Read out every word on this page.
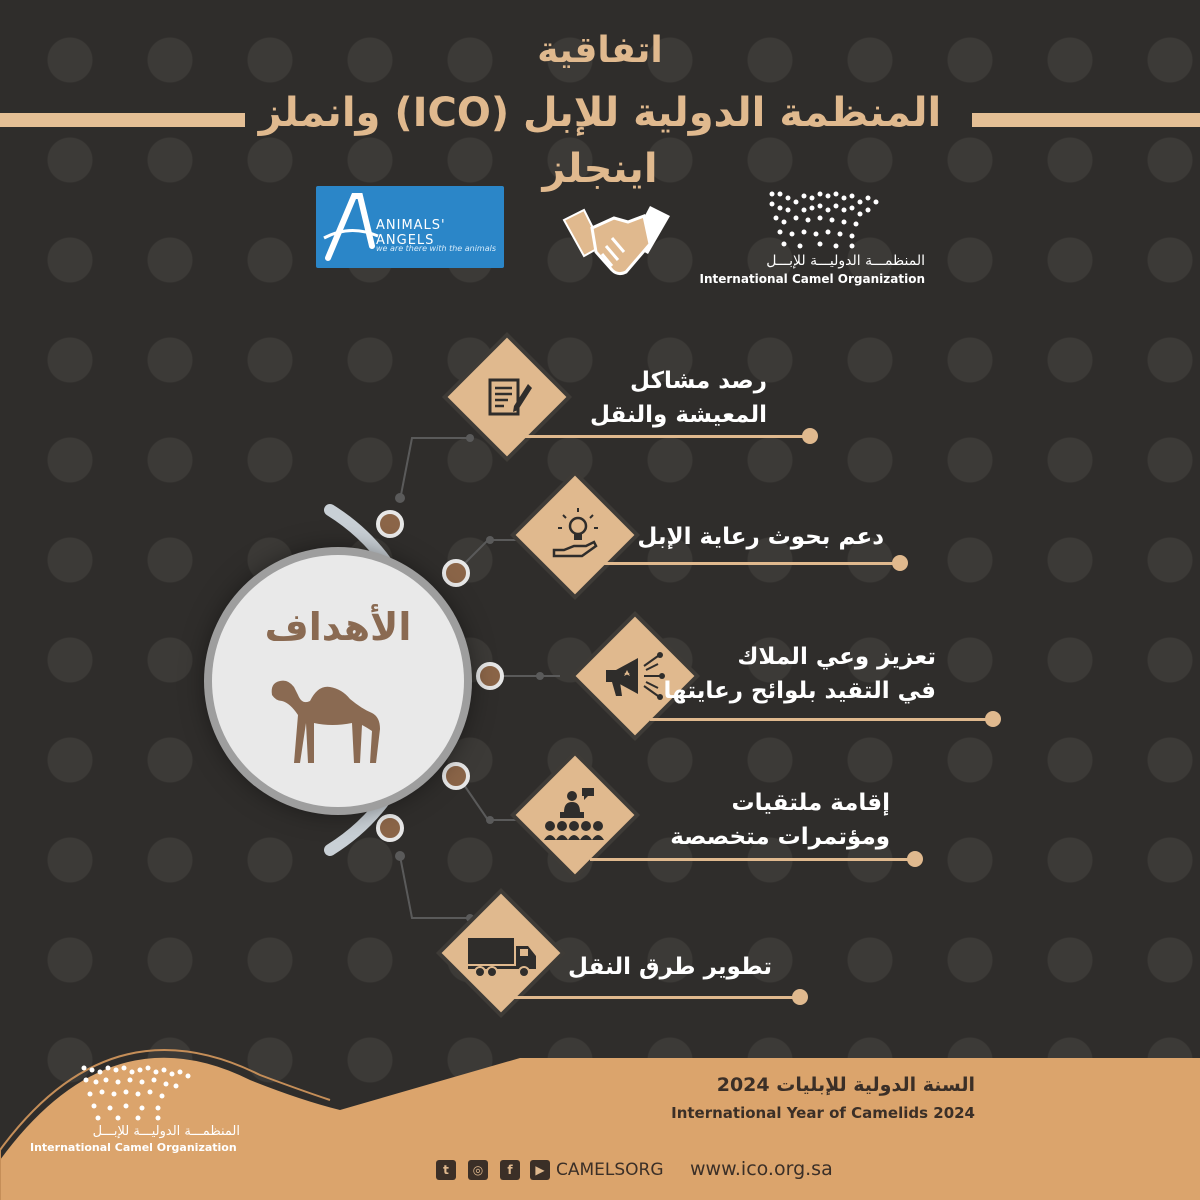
اتفاقية
المنظمة الدولية للإبل (ICO) وانملز اينجلز
ANIMALS' ANGELS
we are there with the animals
المنظمـــة الدوليـــة للإبـــل
International Camel Organization
الأهداف
رصد مشاكل
المعيشة والنقل
دعم بحوث رعاية الإبل
تعزيز وعي الملاك
في التقيد بلوائح رعايتها
إقامة ملتقيات
ومؤتمرات متخصصة
تطوير طرق النقل
المنظمـــة الدوليـــة للإبـــل
International Camel Organization
السنة الدولية للإبليات 2024
International Year of Camelids 2024
t	◎	f	▶ CAMELSORG www.ico.org.sa
